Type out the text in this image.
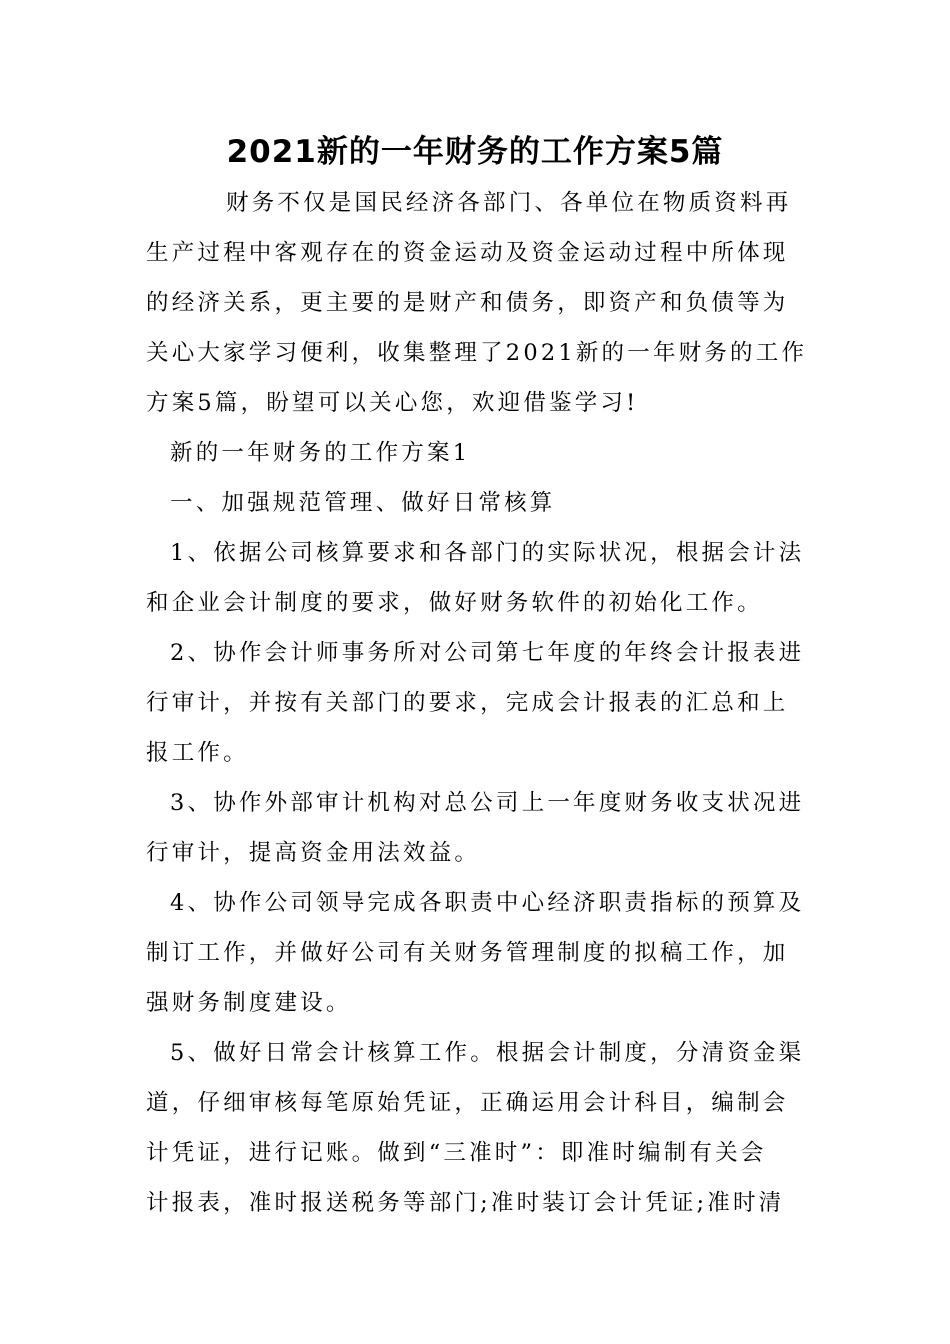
2021新的一年财务的工作方案5篇
财务不仅是国民经济各部门、各单位在物质资料再
生产过程中客观存在的资金运动及资金运动过程中所体现
的经济关系，更主要的是财产和债务，即资产和负债等为
关心大家学习便利，收集整理了2021新的一年财务的工作
方案5篇，盼望可以关心您，欢迎借鉴学习!
新的一年财务的工作方案1
一、加强规范管理、做好日常核算
1、依据公司核算要求和各部门的实际状况，根据会计法
和企业会计制度的要求，做好财务软件的初始化工作。
2、协作会计师事务所对公司第七年度的年终会计报表进
行审计，并按有关部门的要求，完成会计报表的汇总和上
报工作。
3、协作外部审计机构对总公司上一年度财务收支状况进
行审计，提高资金用法效益。
4、协作公司领导完成各职责中心经济职责指标的预算及
制订工作，并做好公司有关财务管理制度的拟稿工作，加
强财务制度建设。
5、做好日常会计核算工作。根据会计制度，分清资金渠
道，仔细审核每笔原始凭证，正确运用会计科目，编制会
计凭证，进行记账。做到“三准时”：即准时编制有关会
计报表，准时报送税务等部门;准时装订会计凭证;准时清
